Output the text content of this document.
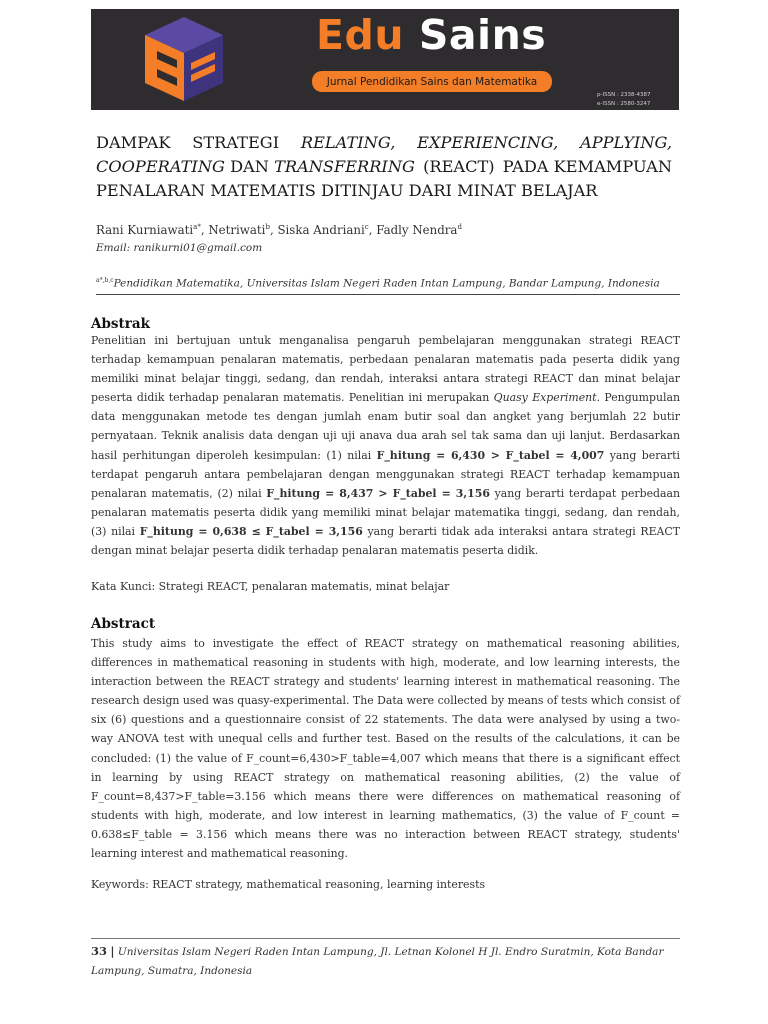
Edu Sains
Jurnal Pendidikan Sains dan Matematika
p-ISSN : 2338-4387
e-ISSN : 2580-3247
DAMPAK STRATEGI RELATING, EXPERIENCING, APPLYING,
COOPERATING DAN TRANSFERRING (REACT) PADA KEMAMPUAN
PENALARAN MATEMATIS DITINJAU DARI MINAT BELAJAR
Rani Kurniawati$^{a*}$, Netriwati$^b$, Siska Andriani$^c$, Fadly Nendra$^d$
Email: ranikurni01@gmail.com
$^{a*,b,c}$Pendidikan Matematika, Universitas Islam Negeri Raden Intan Lampung, Bandar Lampung, Indonesia
Abstrak
Penelitian ini bertujuan untuk menganalisa pengaruh pembelajaran menggunakan strategi REACT terhadap kemampuan penalaran matematis, perbedaan penalaran matematis pada peserta didik yang memiliki minat belajar tinggi, sedang, dan rendah, interaksi antara strategi REACT dan minat belajar peserta didik terhadap penalaran matematis. Penelitian ini merupakan Quasy Experiment. Pengumpulan data menggunakan metode tes dengan jumlah enam butir soal dan angket yang berjumlah 22 butir pernyataan. Teknik analisis data dengan uji uji anava dua arah sel tak sama dan uji lanjut. Berdasarkan hasil perhitungan diperoleh kesimpulan: (1) nilai F_hitung = 6,430 > F_tabel = 4,007 yang berarti terdapat pengaruh antara pembelajaran dengan menggunakan strategi REACT terhadap kemampuan penalaran matematis, (2) nilai F_hitung = 8,437 > F_tabel = 3,156 yang berarti terdapat perbedaan penalaran matematis peserta didik yang memiliki minat belajar matematika tinggi, sedang, dan rendah, (3) nilai F_hitung = 0,638 ≤ F_tabel = 3,156 yang berarti tidak ada interaksi antara strategi REACT dengan minat belajar peserta didik terhadap penalaran matematis peserta didik.
Kata Kunci: Strategi REACT, penalaran matematis, minat belajar
Abstract
This study aims to investigate the effect of REACT strategy on mathematical reasoning abilities, differences in mathematical reasoning in students with high, moderate, and low learning interests, the interaction between the REACT strategy and students' learning interest in mathematical reasoning. The research design used was quasy-experimental. The Data were collected by means of tests which consist of six (6) questions and a questionnaire consist of 22 statements. The data were analysed by using a two-way ANOVA test with unequal cells and further test. Based on the results of the calculations, it can be concluded: (1) the value of F_count=6,430>F_table=4,007 which means that there is a significant effect in learning by using REACT strategy on mathematical reasoning abilities, (2) the value of F_count=8,437>F_table=3.156 which means there were differences on mathematical reasoning of students with high, moderate, and low interest in learning mathematics, (3) the value of F_count = 0.638≤F_table = 3.156 which means there was no interaction between REACT strategy, students' learning interest and mathematical reasoning.
Keywords: REACT strategy, mathematical reasoning, learning interests
33 | Universitas Islam Negeri Raden Intan Lampung, Jl. Letnan Kolonel H Jl. Endro Suratmin, Kota Bandar Lampung, Sumatra, Indonesia
